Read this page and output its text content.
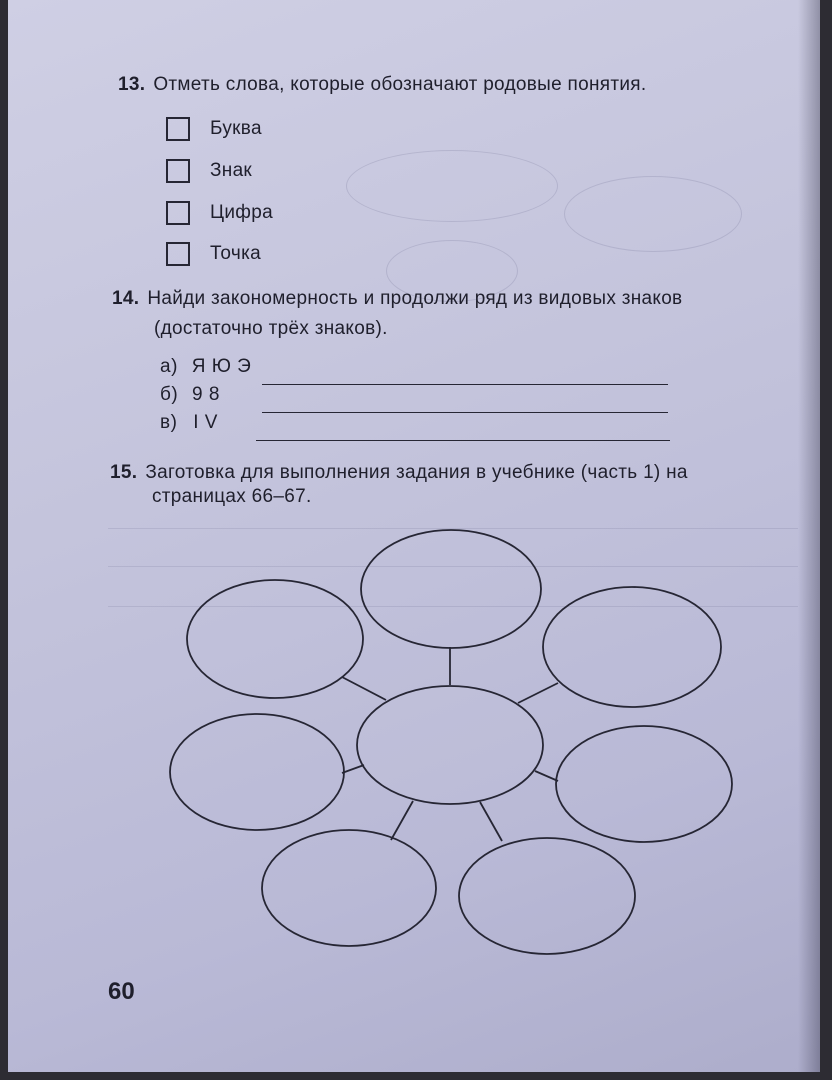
13. Отметь слова, которые обозначают родовые понятия.
Буква
Знак
Цифра
Точка
14. Найди закономерность и продолжи ряд из видовых знаков
(достаточно трёх знаков).
а) Я Ю Э
б) 9 8
в) I V
15. Заготовка для выполнения задания в учебнике (часть 1) на
страницах 66–67.
60
